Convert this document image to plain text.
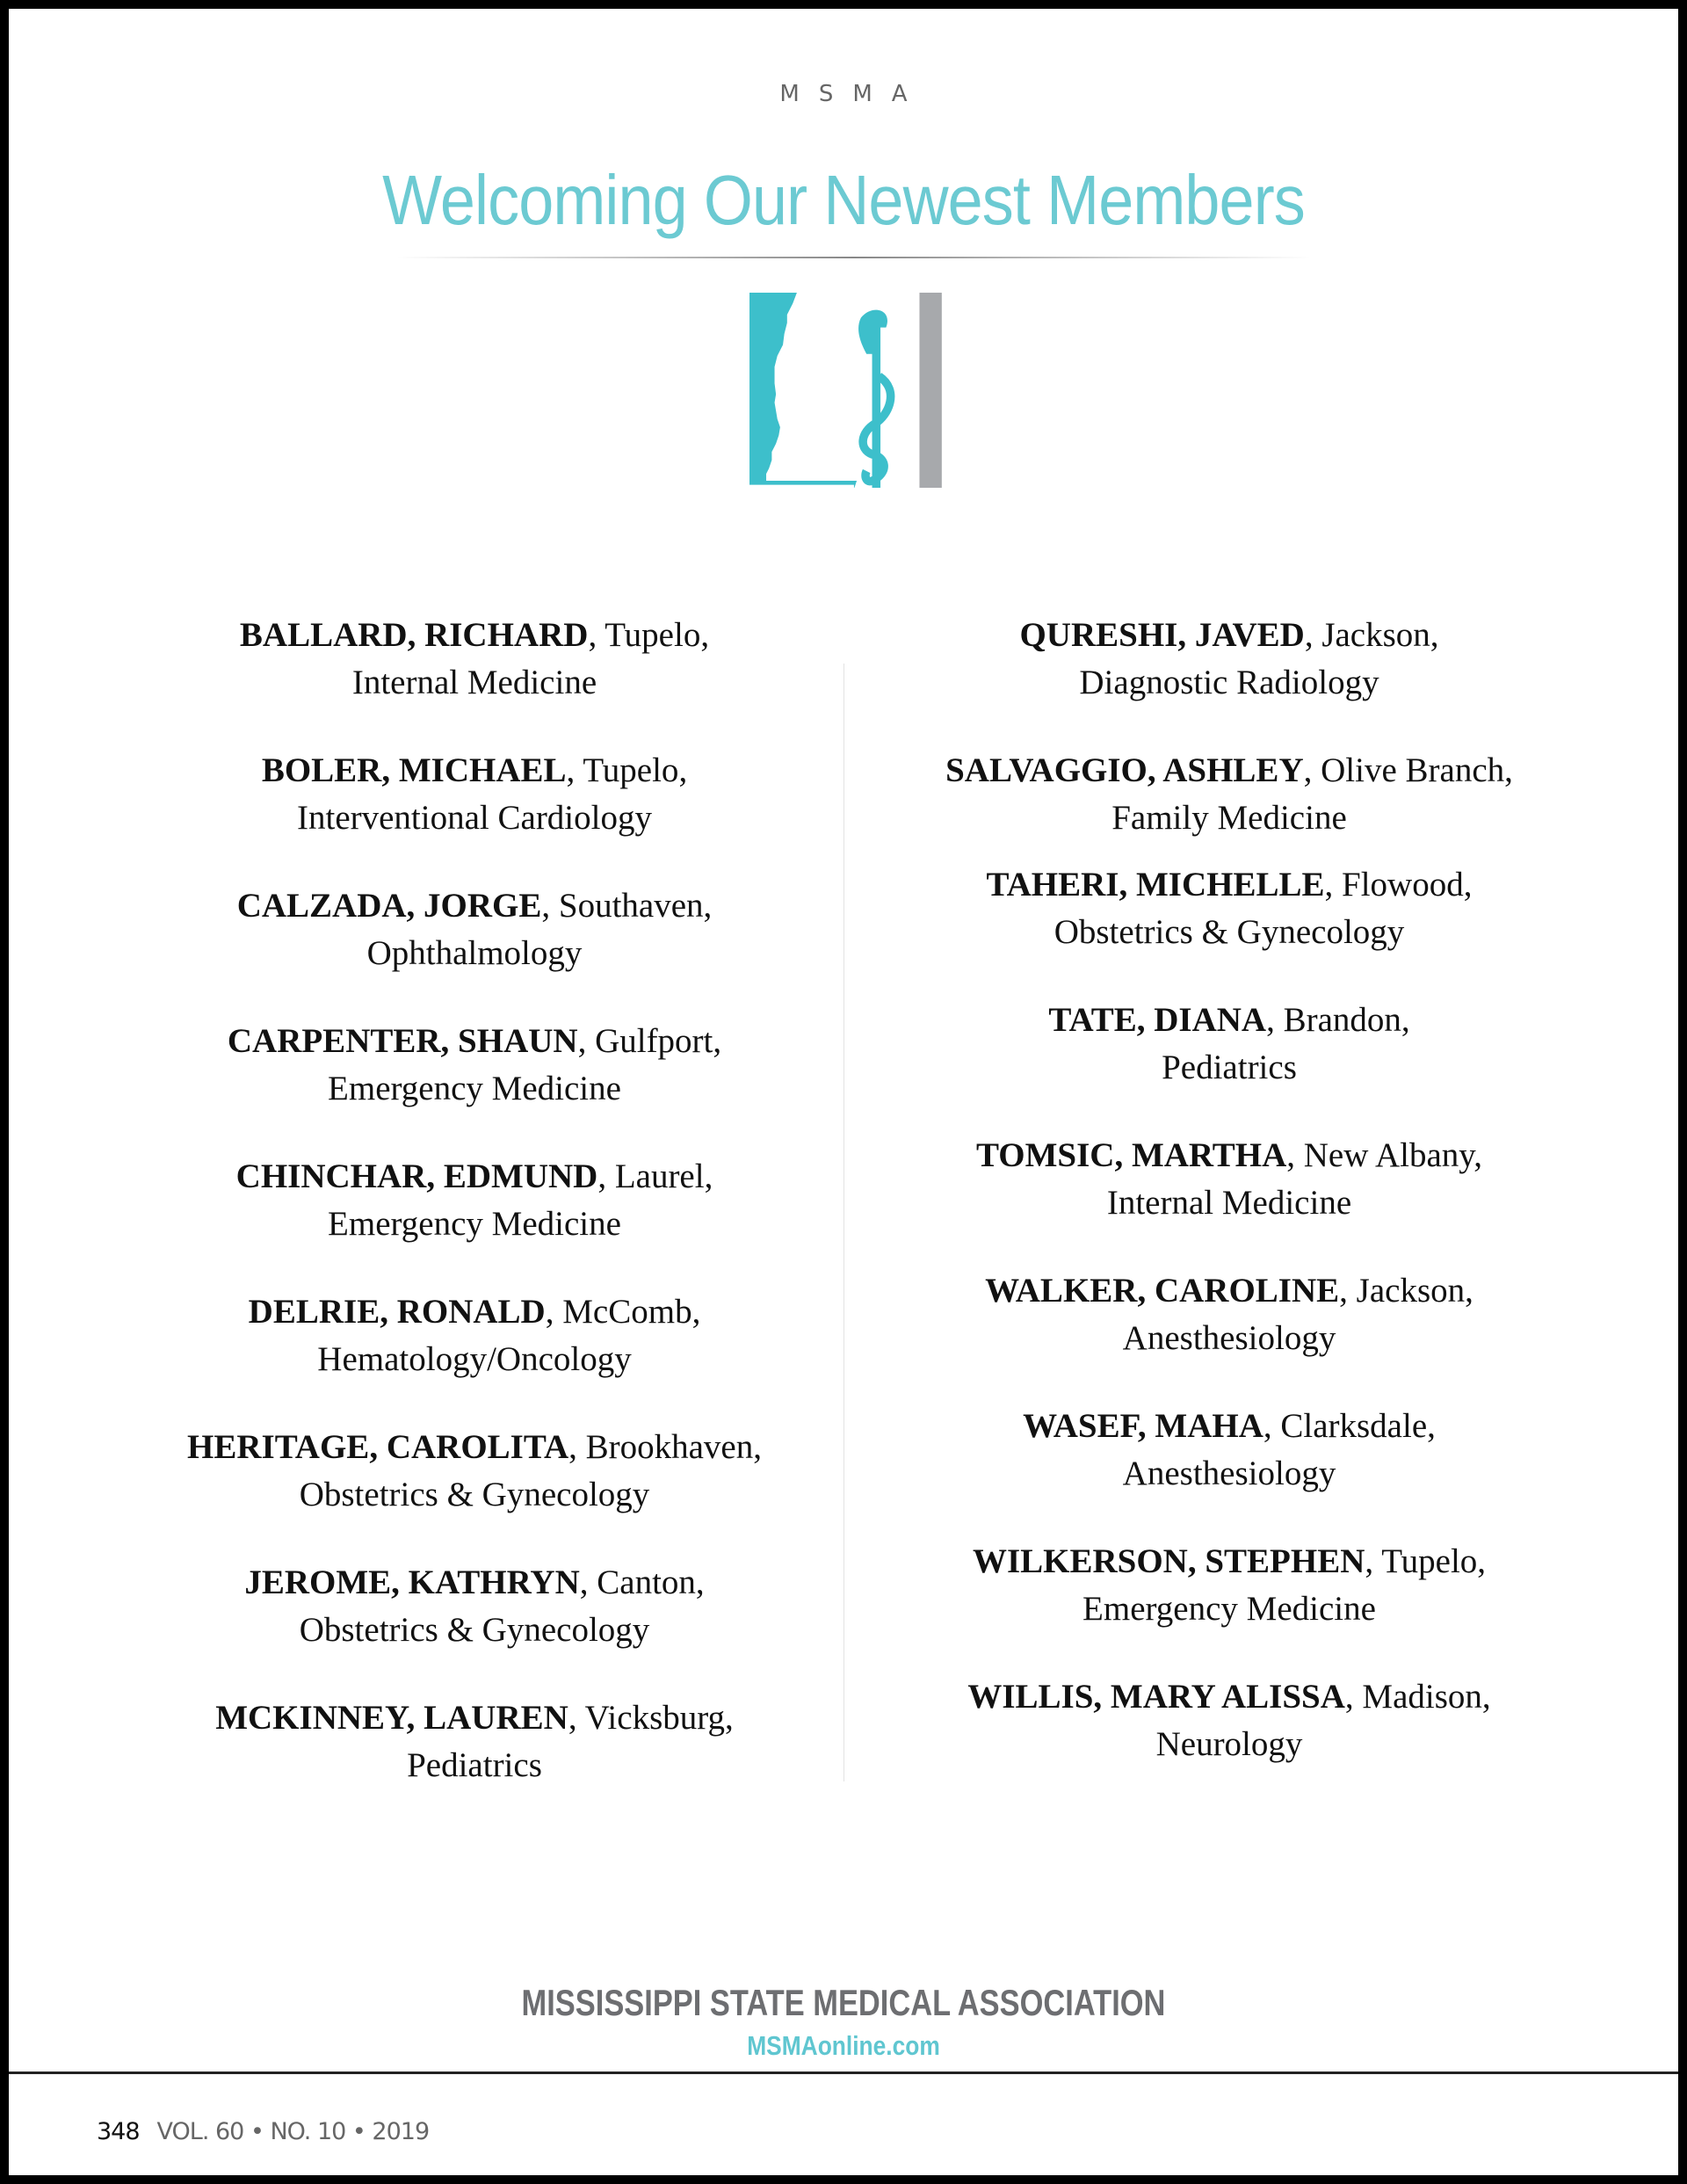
MSMA
Welcoming Our Newest Members
BALLARD, RICHARD , Tupelo ,
Internal Medicine
BOLER, MICHAEL , Tupelo ,
Interventional Cardiology
CALZADA, JORGE , Southaven ,
Ophthalmology
CARPENTER, SHAUN , Gulfport ,
Emergency Medicine
CHINCHAR, EDMUND , Laurel ,
Emergency Medicine
DELRIE, RONALD , McComb ,
Hematology/Oncology
HERITAGE, CAROLITA , Brookhaven ,
Obstetrics & Gynecology
JEROME, KATHRYN , Canton ,
Obstetrics & Gynecology
MCKINNEY, LAUREN , Vicksburg ,
Pediatrics
QURESHI, JAVED , Jackson ,
Diagnostic Radiology
SALVAGGIO, ASHLEY , Olive Branch ,
Family Medicine
TAHERI, MICHELLE , Flowood ,
Obstetrics & Gynecology
TATE, DIANA , Brandon ,
Pediatrics
TOMSIC, MARTHA , New Albany ,
Internal Medicine
WALKER, CAROLINE , Jackson ,
Anesthesiology
WASEF, MAHA , Clarksdale ,
Anesthesiology
WILKERSON, STEPHEN , Tupelo ,
Emergency Medicine
WILLIS, MARY ALISSA , Madison ,
Neurology
MISSISSIPPI STATE MEDICAL ASSOCIATION
MSMAonline.com
348 VOL. 60 • NO. 10 • 2019
